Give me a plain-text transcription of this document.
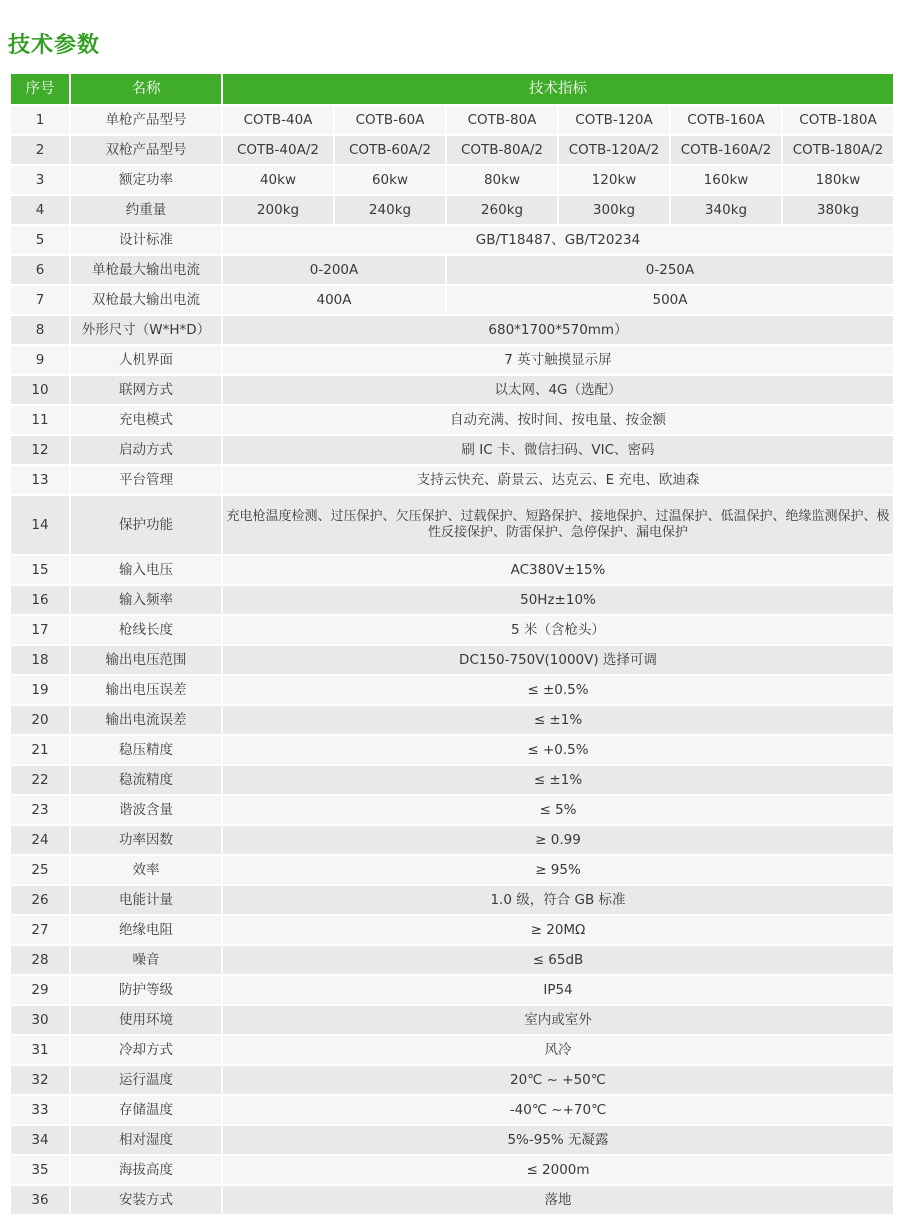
技术参数
序号	名称	技术指标					
1	单枪产品型号	COTB-40A	COTB-60A	COTB-80A	COTB-120A	COTB-160A	COTB-180A
2	双枪产品型号	COTB-40A/2	COTB-60A/2	COTB-80A/2	COTB-120A/2	COTB-160A/2	COTB-180A/2
3	额定功率	40kw	60kw	80kw	120kw	160kw	180kw
4	约重量	200kg	240kg	260kg	300kg	340kg	380kg
5	设计标准	GB/T18487、GB/T20234					
6	单枪最大输出电流	0-200A		0-250A			
7	双枪最大输出电流	400A		500A			
8	外形尺寸（W*H*D）	680*1700*570mm）					
9	人机界面	7 英寸触摸显示屏					
10	联网方式	以太网、4G（选配）					
11	充电模式	自动充满、按时间、按电量、按金额					
12	启动方式	刷 IC 卡、微信扫码、VIC、密码					
13	平台管理	支持云快充、蔚景云、达克云、E 充电、欧迪森					
14	保护功能	充电枪温度检测、过压保护、欠压保护、过载保护、短路保护、接地保护、过温保护、低温保护、绝缘监测保护、极性反接保护、防雷保护、急停保护、漏电保护					
15	输入电压	AC380V±15%					
16	输入频率	50Hz±10%					
17	枪线长度	5 米（含枪头）					
18	输出电压范围	DC150-750V(1000V) 选择可调					
19	输出电压误差	≤ ±0.5%					
20	输出电流误差	≤ ±1%					
21	稳压精度	≤ +0.5%					
22	稳流精度	≤ ±1%					
23	谐波含量	≤ 5%					
24	功率因数	≥ 0.99					
25	效率	≥ 95%					
26	电能计量	1.0 级，符合 GB 标准					
27	绝缘电阻	≥ 20MΩ					
28	噪音	≤ 65dB					
29	防护等级	IP54					
30	使用环境	室内或室外					
31	冷却方式	风冷					
32	运行温度	20℃ ~ +50℃					
33	存储温度	-40℃ ~+70℃					
34	相对湿度	5%-95% 无凝露					
35	海拔高度	≤ 2000m					
36	安装方式	落地					
